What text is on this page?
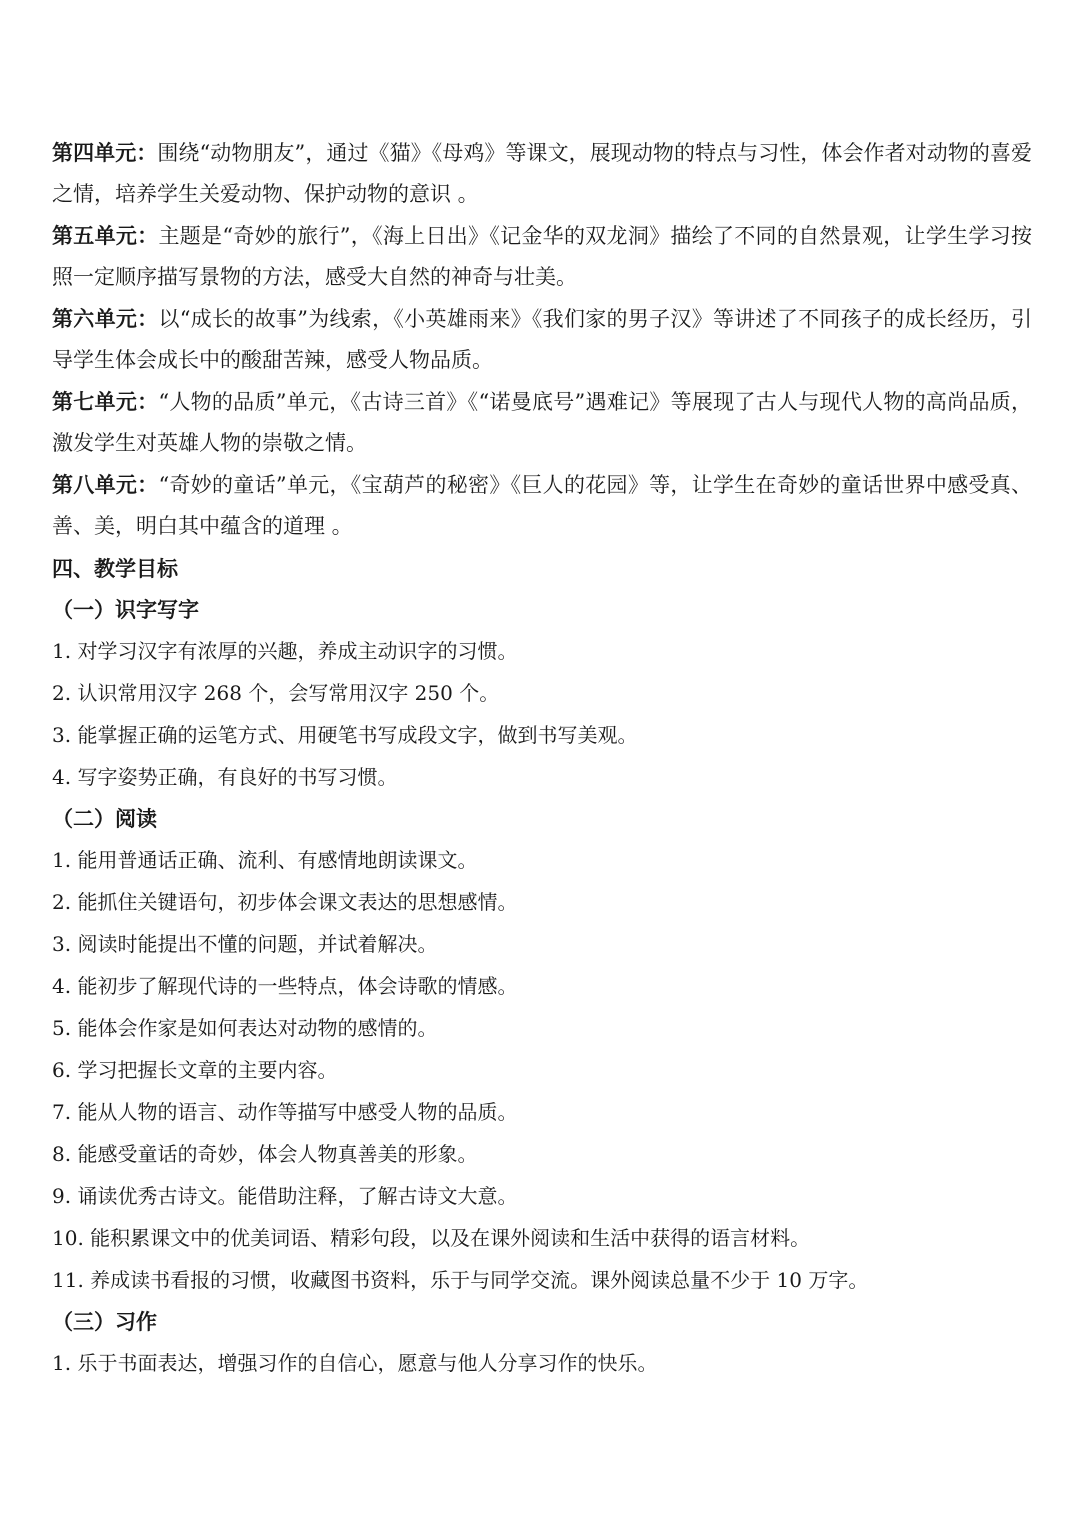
第四单元：围绕“动物朋友”，通过《猫》《母鸡》等课文，展现动物的特点与习性，体会作者对动物的喜爱之情，培养学生关爱动物、保护动物的意识 。

第五单元：主题是“奇妙的旅行”，《海上日出》《记金华的双龙洞》描绘了不同的自然景观，让学生学习按照一定顺序描写景物的方法，感受大自然的神奇与壮美。

第六单元：以“成长的故事”为线索，《小英雄雨来》《我们家的男子汉》等讲述了不同孩子的成长经历，引导学生体会成长中的酸甜苦辣，感受人物品质。

第七单元：“人物的品质”单元，《古诗三首》《“诺曼底号”遇难记》等展现了古人与现代人物的高尚品质，激发学生对英雄人物的崇敬之情。

第八单元：“奇妙的童话”单元，《宝葫芦的秘密》《巨人的花园》等，让学生在奇妙的童话世界中感受真、善、美，明白其中蕴含的道理 。

四、教学目标

（一）识字写字

1. 对学习汉字有浓厚的兴趣，养成主动识字的习惯。

2. 认识常用汉字 268 个，会写常用汉字 250 个。

3. 能掌握正确的运笔方式、用硬笔书写成段文字，做到书写美观。

4. 写字姿势正确，有良好的书写习惯。

（二）阅读

1. 能用普通话正确、流利、有感情地朗读课文。

2. 能抓住关键语句，初步体会课文表达的思想感情。

3. 阅读时能提出不懂的问题，并试着解决。

4. 能初步了解现代诗的一些特点，体会诗歌的情感。

5. 能体会作家是如何表达对动物的感情的。

6. 学习把握长文章的主要内容。

7. 能从人物的语言、动作等描写中感受人物的品质。

8. 能感受童话的奇妙，体会人物真善美的形象。

9. 诵读优秀古诗文。能借助注释，了解古诗文大意。

10. 能积累课文中的优美词语、精彩句段，以及在课外阅读和生活中获得的语言材料。

11. 养成读书看报的习惯，收藏图书资料，乐于与同学交流。课外阅读总量不少于 10 万字。

（三）习作

1. 乐于书面表达，增强习作的自信心，愿意与他人分享习作的快乐。
